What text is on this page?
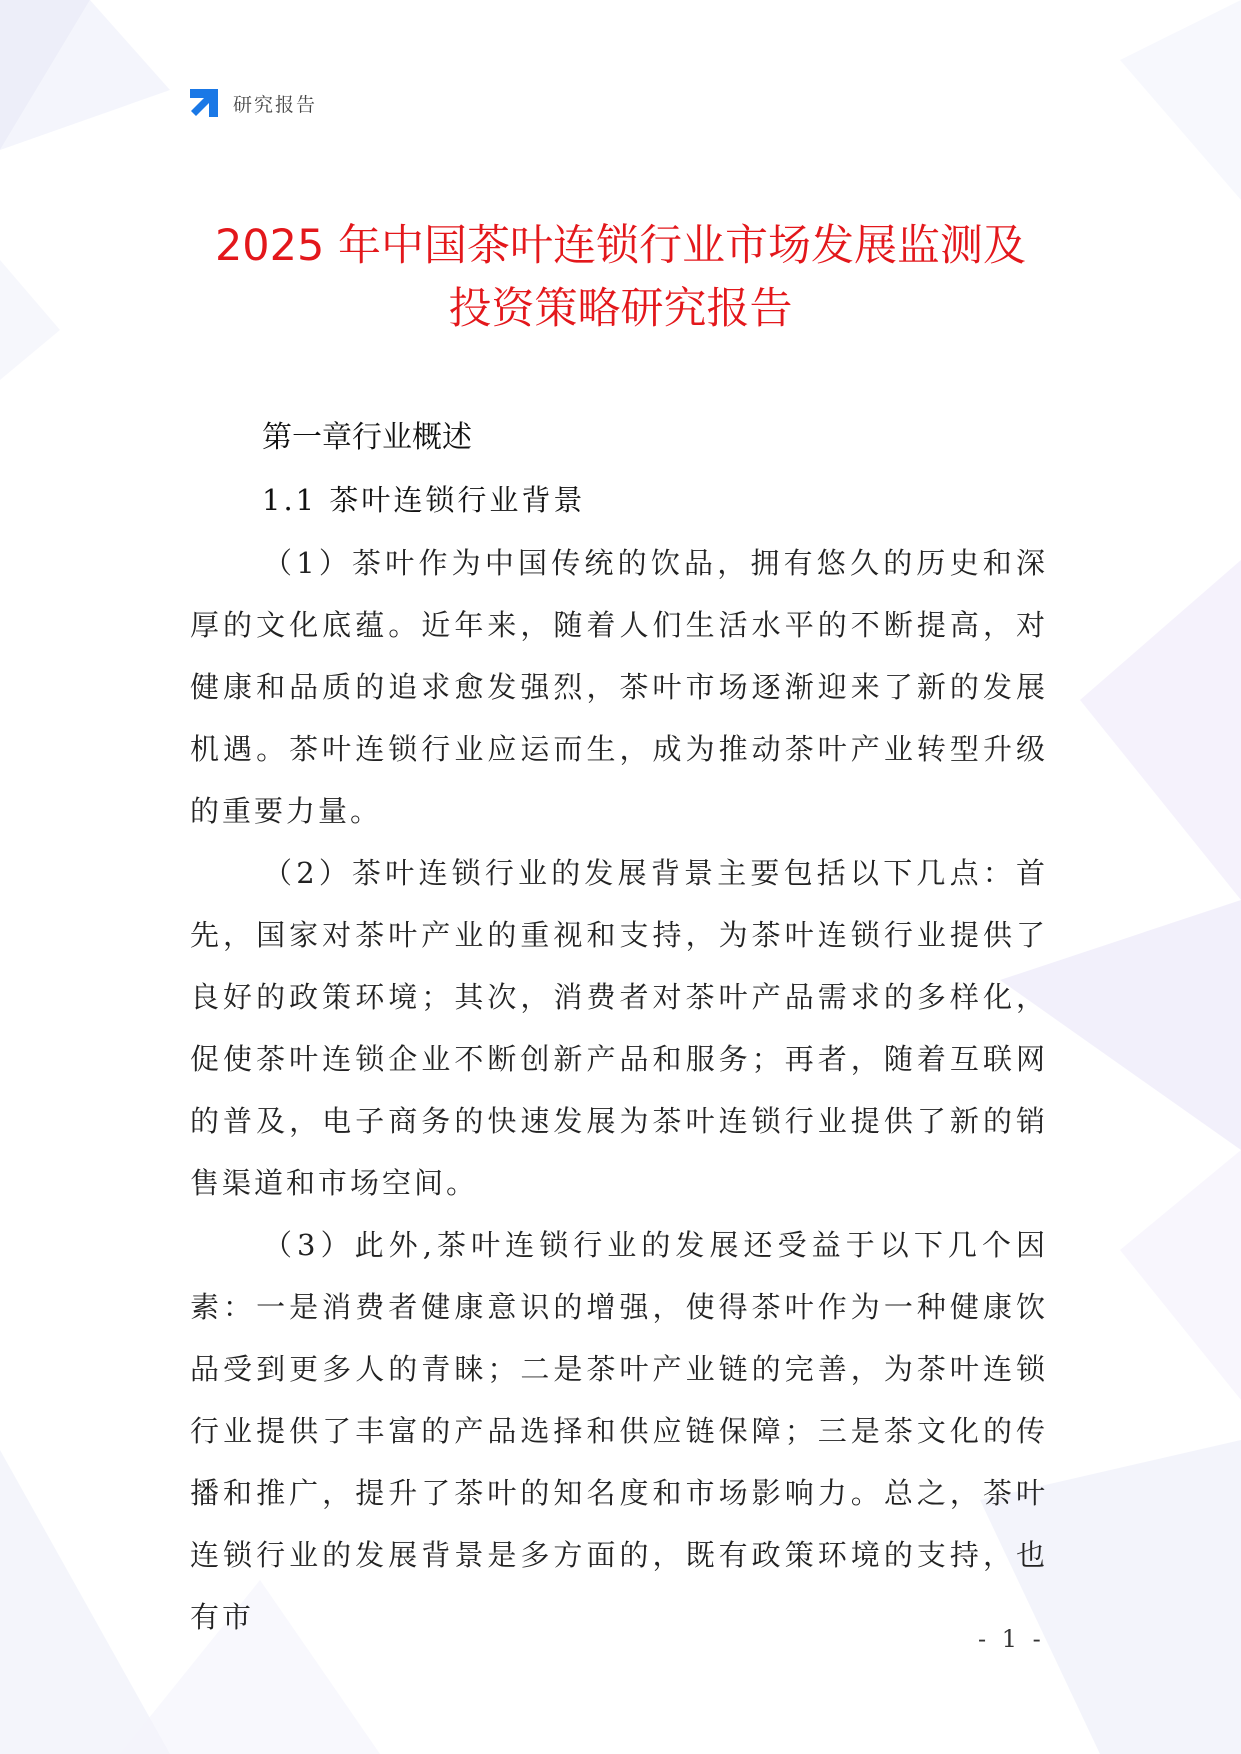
研究报告
2025 年中国茶叶连锁行业市场发展监测及
投资策略研究报告
第一章行业概述
1.1 茶叶连锁行业背景

（1）茶叶作为中国传统的饮品，拥有悠久的历史和深厚的文化底蕴。近年来，随着人们生活水平的不断提高，对健康和品质的追求愈发强烈，茶叶市场逐渐迎来了新的发展机遇。茶叶连锁行业应运而生，成为推动茶叶产业转型升级的重要力量。

（2）茶叶连锁行业的发展背景主要包括以下几点：首先，国家对茶叶产业的重视和支持，为茶叶连锁行业提供了良好的政策环境；其次，消费者对茶叶产品需求的多样化，促使茶叶连锁企业不断创新产品和服务；再者，随着互联网的普及，电子商务的快速发展为茶叶连锁行业提供了新的销售渠道和市场空间。

（3）此外,茶叶连锁行业的发展还受益于以下几个因素：一是消费者健康意识的增强，使得茶叶作为一种健康饮品受到更多人的青睐；二是茶叶产业链的完善，为茶叶连锁行业提供了丰富的产品选择和供应链保障；三是茶文化的传播和推广，提升了茶叶的知名度和市场影响力。总之，茶叶连锁行业的发展背景是多方面的，既有政策环境的支持，也有市

- 1 -
